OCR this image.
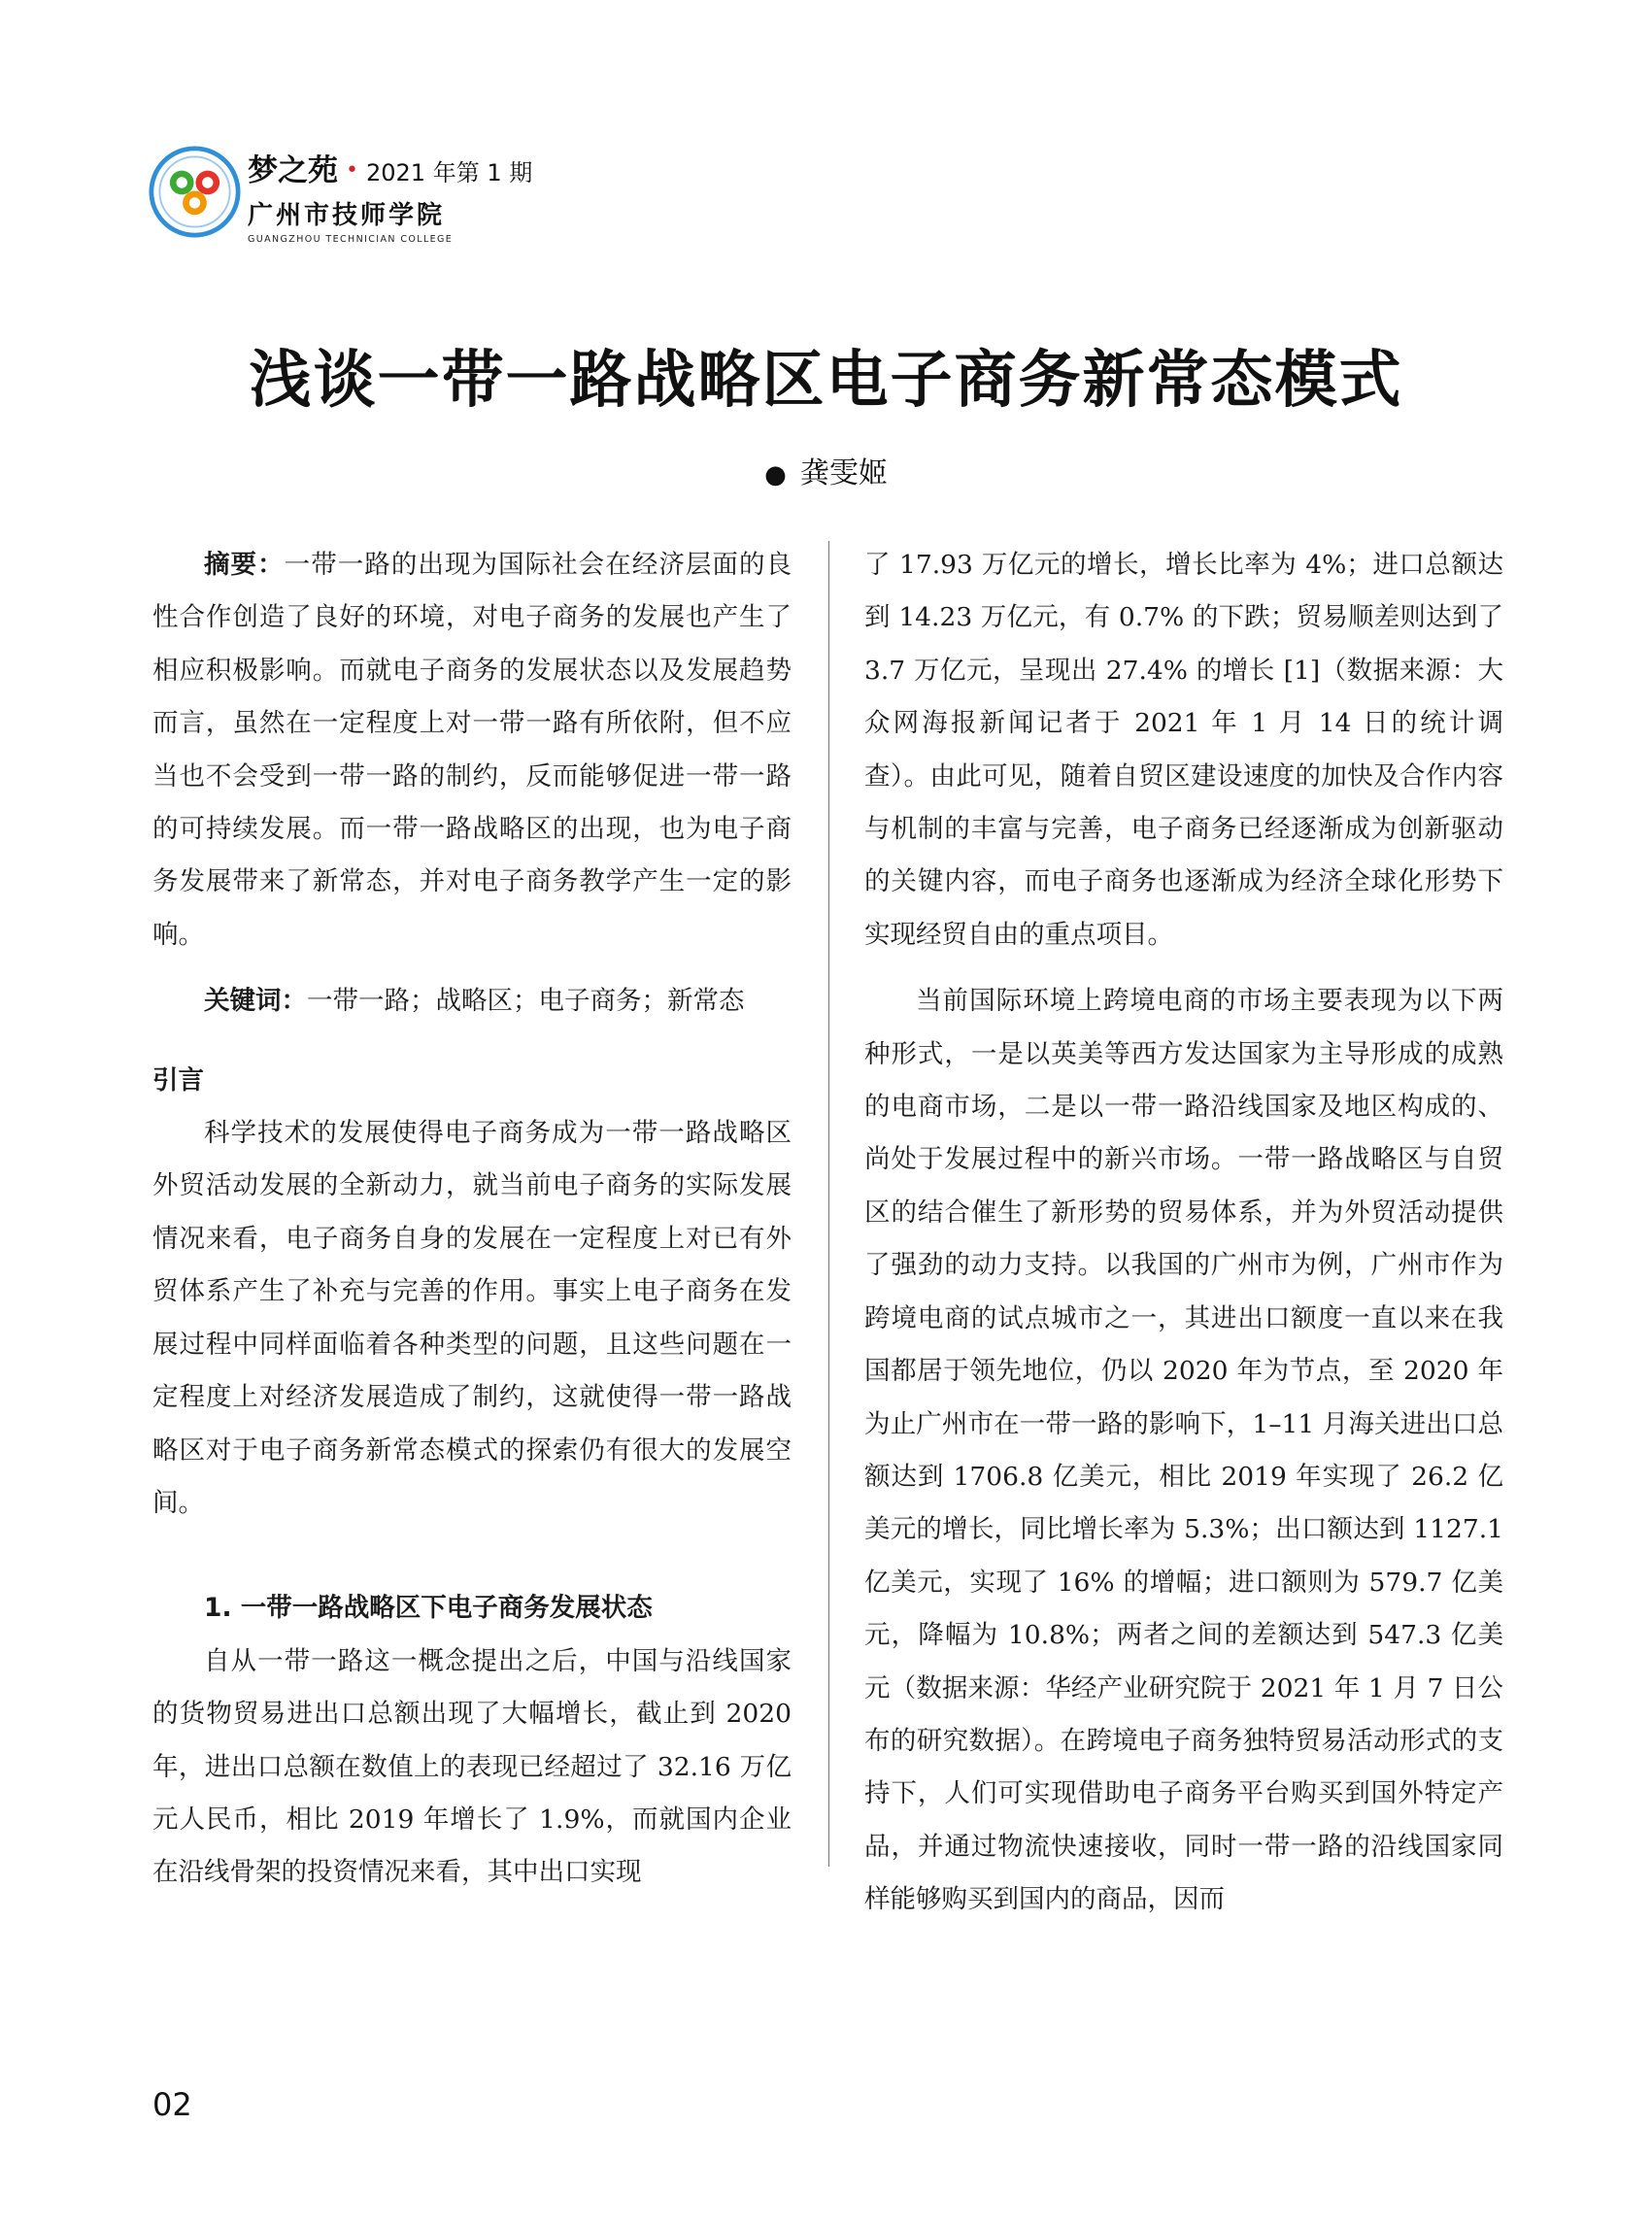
梦之苑 • 2021 年第 1 期
广州市技师学院
GUANGZHOU TECHNICIAN COLLEGE
浅谈一带一路战略区电子商务新常态模式
● 龚雯姬

摘要：一带一路的出现为国际社会在经济层面的良性合作创造了良好的环境，对电子商务的发展也产生了相应积极影响。而就电子商务的发展状态以及发展趋势而言，虽然在一定程度上对一带一路有所依附，但不应当也不会受到一带一路的制约，反而能够促进一带一路的可持续发展。而一带一路战略区的出现，也为电子商务发展带来了新常态，并对电子商务教学产生一定的影响。

关键词：一带一路；战略区；电子商务；新常态

引言

科学技术的发展使得电子商务成为一带一路战略区外贸活动发展的全新动力，就当前电子商务的实际发展情况来看，电子商务自身的发展在一定程度上对已有外贸体系产生了补充与完善的作用。事实上电子商务在发展过程中同样面临着各种类型的问题，且这些问题在一定程度上对经济发展造成了制约，这就使得一带一路战略区对于电子商务新常态模式的探索仍有很大的发展空间。

1. 一带一路战略区下电子商务发展状态

自从一带一路这一概念提出之后，中国与沿线国家的货物贸易进出口总额出现了大幅增长，截止到 2020 年，进出口总额在数值上的表现已经超过了 32.16 万亿元人民币，相比 2019 年增长了 1.9%，而就国内企业在沿线骨架的投资情况来看，其中出口实现

了 17.93 万亿元的增长，增长比率为 4%；进口总额达到 14.23 万亿元，有 0.7% 的下跌；贸易顺差则达到了 3.7 万亿元，呈现出 27.4% 的增长 [1]（数据来源：大众网海报新闻记者于 2021 年 1 月 14 日的统计调查）。由此可见，随着自贸区建设速度的加快及合作内容与机制的丰富与完善，电子商务已经逐渐成为创新驱动的关键内容，而电子商务也逐渐成为经济全球化形势下实现经贸自由的重点项目。

当前国际环境上跨境电商的市场主要表现为以下两种形式，一是以英美等西方发达国家为主导形成的成熟的电商市场，二是以一带一路沿线国家及地区构成的、尚处于发展过程中的新兴市场。一带一路战略区与自贸区的结合催生了新形势的贸易体系，并为外贸活动提供了强劲的动力支持。以我国的广州市为例，广州市作为跨境电商的试点城市之一，其进出口额度一直以来在我国都居于领先地位，仍以 2020 年为节点，至 2020 年为止广州市在一带一路的影响下，1–11 月海关进出口总额达到 1706.8 亿美元，相比 2019 年实现了 26.2 亿美元的增长，同比增长率为 5.3%；出口额达到 1127.1 亿美元，实现了 16% 的增幅；进口额则为 579.7 亿美元，降幅为 10.8%；两者之间的差额达到 547.3 亿美元（数据来源：华经产业研究院于 2021 年 1 月 7 日公布的研究数据）。在跨境电子商务独特贸易活动形式的支持下，人们可实现借助电子商务平台购买到国外特定产品，并通过物流快速接收，同时一带一路的沿线国家同样能够购买到国内的商品，因而

02
